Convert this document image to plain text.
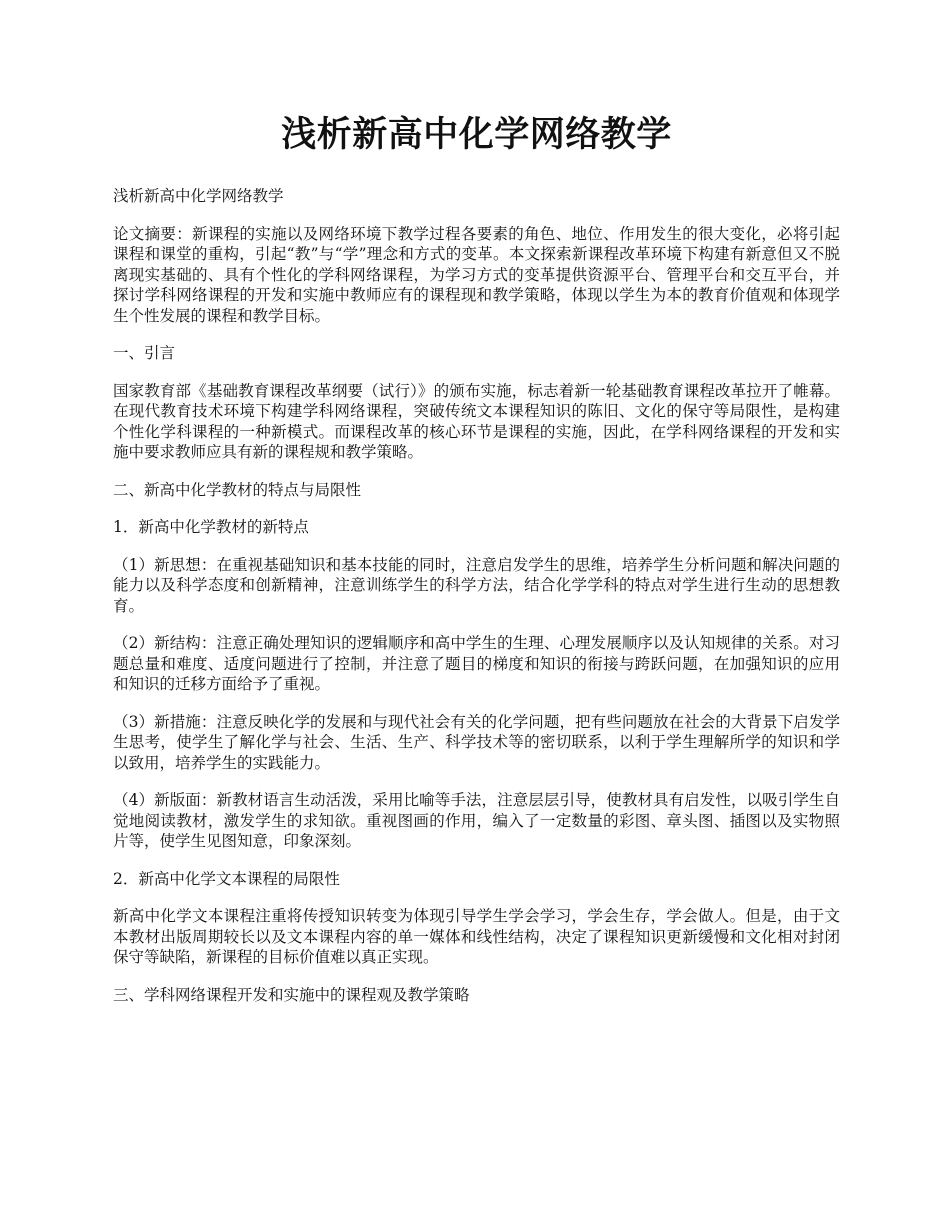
浅析新高中化学网络教学

浅析新高中化学网络教学

论文摘要：新课程的实施以及网络环境下教学过程各要素的角色、地位、作用发生的很大变化，必将引起课程和课堂的重构，引起“教”与“学”理念和方式的变革。本文探索新课程改革环境下构建有新意但又不脱离现实基础的、具有个性化的学科网络课程，为学习方式的变革提供资源平台、管理平台和交互平台，并探讨学科网络课程的开发和实施中教师应有的课程现和教学策略，体现以学生为本的教育价值观和体现学生个性发展的课程和教学目标。

一、引言

国家教育部《基础教育课程改革纲要（试行）》的颁布实施，标志着新一轮基础教育课程改革拉开了帷幕。在现代教育技术环境下构建学科网络课程，突破传统文本课程知识的陈旧、文化的保守等局限性，是构建个性化学科课程的一种新模式。而课程改革的核心环节是课程的实施，因此，在学科网络课程的开发和实施中要求教师应具有新的课程规和教学策略。

二、新高中化学教材的特点与局限性

1．新高中化学教材的新特点

（1）新思想：在重视基础知识和基本技能的同时，注意启发学生的思维，培养学生分析问题和解决问题的能力以及科学态度和创新精神，注意训练学生的科学方法，结合化学学科的特点对学生进行生动的思想教育。

（2）新结构：注意正确处理知识的逻辑顺序和高中学生的生理、心理发展顺序以及认知规律的关系。对习题总量和难度、适度问题进行了控制，并注意了题目的梯度和知识的衔接与跨跃问题，在加强知识的应用和知识的迁移方面给予了重视。

（3）新措施：注意反映化学的发展和与现代社会有关的化学问题，把有些问题放在社会的大背景下启发学生思考，使学生了解化学与社会、生活、生产、科学技术等的密切联系，以利于学生理解所学的知识和学以致用，培养学生的实践能力。

（4）新版面：新教材语言生动活泼，采用比喻等手法，注意层层引导，使教材具有启发性，以吸引学生自觉地阅读教材，激发学生的求知欲。重视图画的作用，编入了一定数量的彩图、章头图、插图以及实物照片等，使学生见图知意，印象深刻。

2．新高中化学文本课程的局限性

新高中化学文本课程注重将传授知识转变为体现引导学生学会学习，学会生存，学会做人。但是，由于文本教材出版周期较长以及文本课程内容的单一媒体和线性结构，决定了课程知识更新缓慢和文化相对封闭保守等缺陷，新课程的目标价值难以真正实现。

三、学科网络课程开发和实施中的课程观及教学策略
